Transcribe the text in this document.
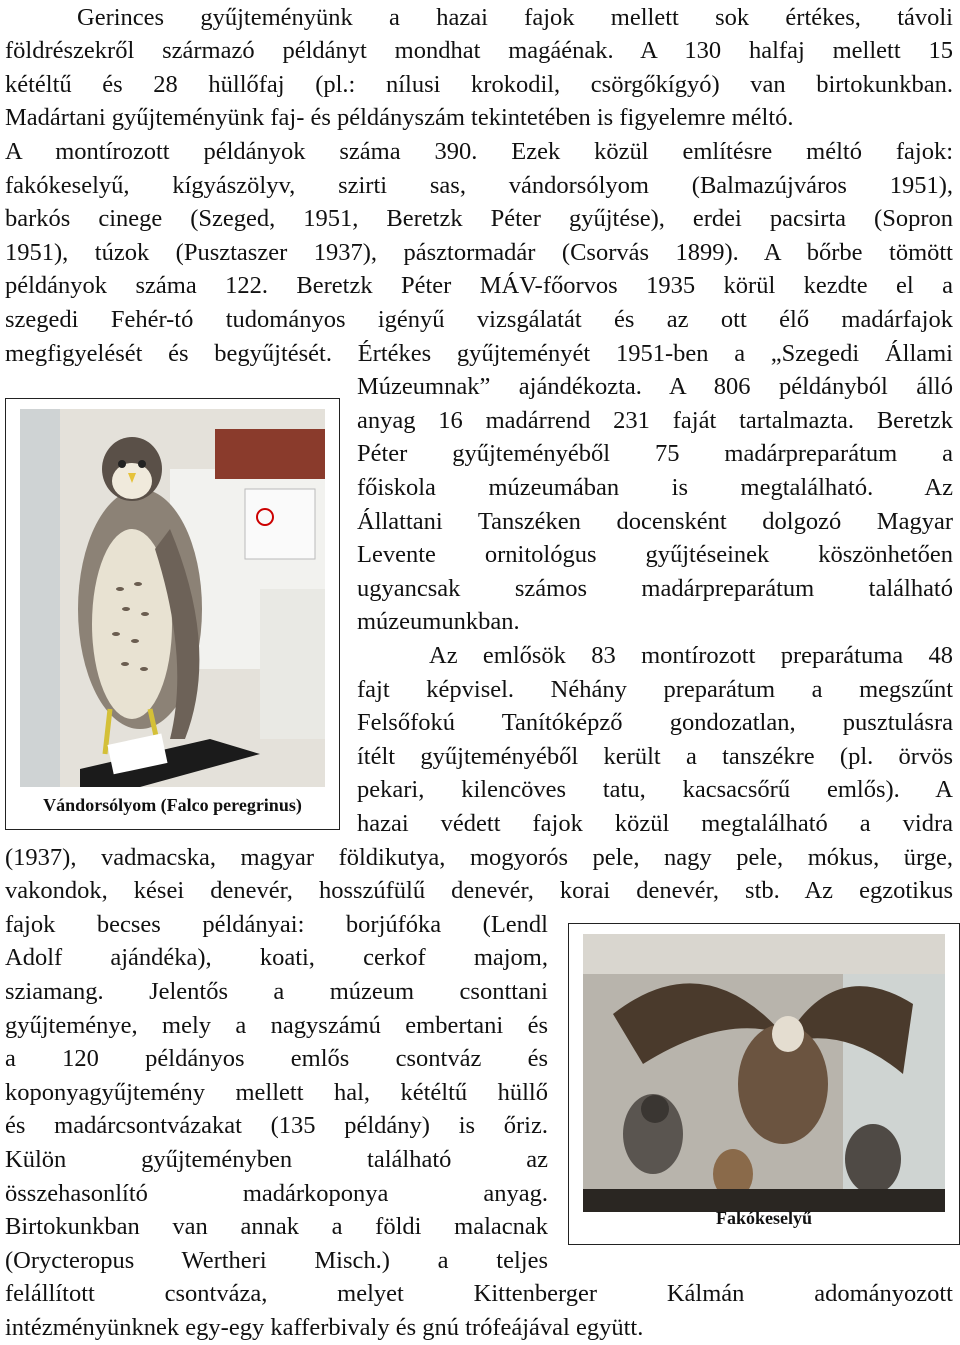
Gerinces gyűjteményünk a hazai fajok mellett sok értékes, távoli
földrészekről származó példányt mondhat magáénak. A 130 halfaj mellett 15
kétéltű és 28 hüllőfaj (pl.: nílusi krokodil, csörgőkígyó) van birtokunkban.
Madártani gyűjteményünk faj- és példányszám tekintetében is figyelemre méltó.
A montírozott példányok száma 390. Ezek közül említésre méltó fajok:
fakókeselyű, kígyászölyv, szirti sas, vándorsólyom (Balmazújváros 1951),
barkós cinege (Szeged, 1951, Beretzk Péter gyűjtése), erdei pacsirta (Sopron
1951), túzok (Pusztaszer 1937), pásztormadár (Csorvás 1899). A bőrbe tömött
példányok száma 122. Beretzk Péter MÁV-főorvos 1935 körül kezdte el a
szegedi Fehér-tó tudományos igényű vizsgálatát és az ott élő madárfajok
megfigyelését és begyűjtését. Értékes gyűjteményét 1951-ben a „Szegedi Állami
Múzeumnak” ajándékozta. A 806 példányból álló
anyag 16 madárrend 231 faját tartalmazta. Beretzk
Péter gyűjteményéből 75 madárpreparátum a
főiskola múzeumában is megtalálható. Az
Állattani Tanszéken docensként dolgozó Magyar
Levente ornitológus gyűjtéseinek köszönhetően
ugyancsak számos madárpreparátum található
múzeumunkban.
Az emlősök 83 montírozott preparátuma 48
fajt képvisel. Néhány preparátum a megszűnt
Felsőfokú Tanítóképző gondozatlan, pusztulásra
ítélt gyűjteményéből került a tanszékre (pl. örvös
pekari, kilencöves tatu, kacsacsőrű emlős). A
hazai védett fajok közül megtalálható a vidra
(1937), vadmacska, magyar földikutya, mogyorós pele, nagy pele, mókus, ürge,
vakondok, kései denevér, hosszúfülű denevér, korai denevér, stb. Az egzotikus
fajok becses példányai: borjúfóka (Lendl
Adolf ajándéka), koati, cerkof majom,
sziamang. Jelentős a múzeum csonttani
gyűjteménye, mely a nagyszámú embertani és
a 120 példányos emlős csontváz és
koponyagyűjtemény mellett hal, kétéltű hüllő
és madárcsontvázakat (135 példány) is őriz.
Külön gyűjteményben található az
összehasonlító madárkoponya anyag.
Birtokunkban van annak a földi malacnak
(Orycteropus Wertheri Misch.) a teljes
felállított csontváza, melyet Kittenberger Kálmán adományozott
intézményünknek egy-egy kafferbivaly és gnú trófeájával együtt.
Vándorsólyom (Falco peregrinus)
Fakókeselyű
